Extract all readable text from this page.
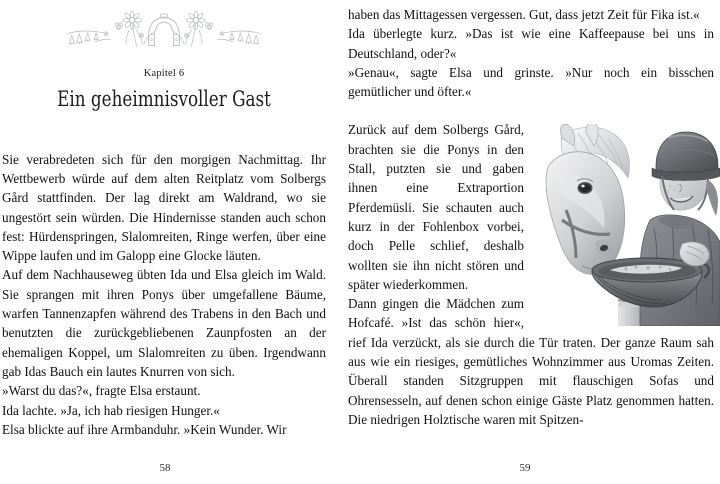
Kapitel 6
Ein geheimnisvoller Gast

Sie verabredeten sich für den morgigen Nachmittag. Ihr Wettbewerb würde auf dem alten Reitplatz vom Solbergs Gård stattfinden. Der lag direkt am Waldrand, wo sie ungestört sein würden. Die Hindernisse standen auch schon fest: Hürdenspringen, Slalomreiten, Ringe werfen, über eine Wippe laufen und im Galopp eine Glocke läuten.

Auf dem Nachhauseweg übten Ida und Elsa gleich im Wald. Sie sprangen mit ihren Ponys über umgefallene Bäume, warfen Tannenzapfen während des Trabens in den Bach und benutzten die zurückgebliebenen Zaunpfosten an der ehemaligen Koppel, um Slalomreiten zu üben. Irgendwann gab Idas Bauch ein lautes Knurren von sich.

»Warst du das?«, fragte Elsa erstaunt.

Ida lachte. »Ja, ich hab riesigen Hunger.«

Elsa blickte auf ihre Armbanduhr. »Kein Wunder. Wir

58

haben das Mittagessen vergessen. Gut, dass jetzt Zeit für Fika ist.«

Ida überlegte kurz. »Das ist wie eine Kaffeepause bei uns in Deutschland, oder?«

»Genau«, sagte Elsa und grinste. »Nur noch ein bisschen gemütlicher und öfter.«

Zurück auf dem Solbergs Gård, brachten sie die Ponys in den Stall, putzten sie und gaben ihnen eine Extraportion Pferdemüsli. Sie schauten auch kurz in der Fohlenbox vorbei, doch Pelle schlief, deshalb wollten sie ihn nicht stören und später wiederkommen.

Dann gingen die Mädchen zum Hofcafé. »Ist das schön hier«, rief Ida verzückt, als sie durch die Tür traten. Der ganze Raum sah aus wie ein riesiges, gemütliches Wohnzimmer aus Uromas Zeiten. Überall standen Sitzgruppen mit flauschigen Sofas und Ohrensesseln, auf denen schon einige Gäste Platz genommen hatten. Die niedrigen Holztische waren mit Spitzen-

59
